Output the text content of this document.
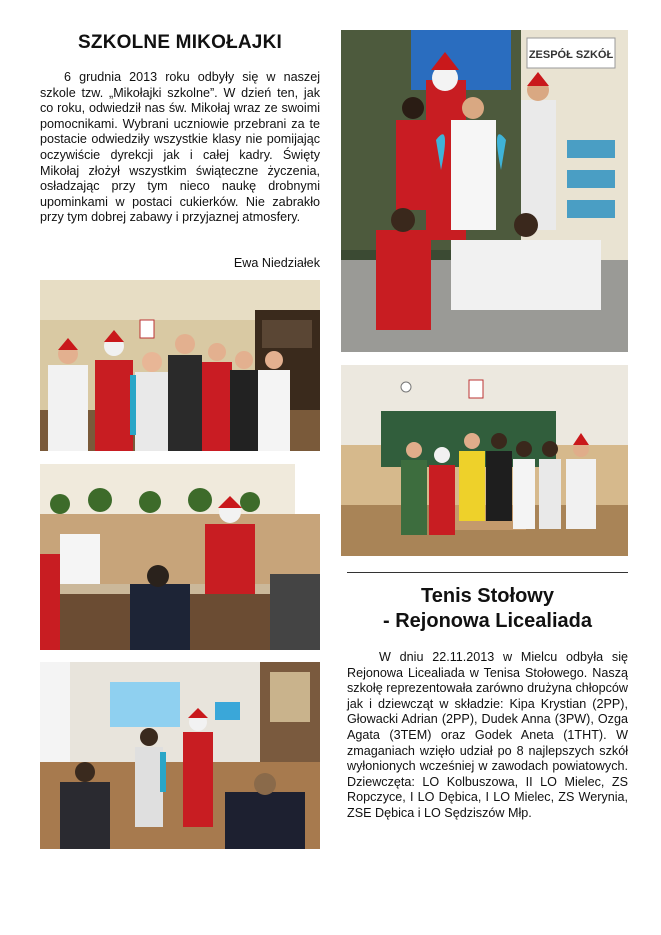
SZKOLNE MIKOŁAJKI
6 grudnia 2013 roku odbyły się w naszej szkole tzw. „Mikołajki szkolne”. W dzień ten, jak co roku, odwiedził nas św. Mikołaj wraz ze swoimi pomocnikami. Wybrani uczniowie przebrani za te postacie odwiedziły wszystkie klasy nie pomijając oczywiście dyrekcji jak i całej kadry. Święty Mikołaj złożył wszystkim świąteczne życzenia, osładzając przy tym nieco naukę drobnymi upominkami w postaci cukierków. Nie zabrakło przy tym dobrej zabawy i przyjaznej atmosfery.
Ewa Niedziałek
ZESPÓŁ SZKÓŁ
Tenis Stołowy
- Rejonowa Licealiada
W dniu 22.11.2013 w Mielcu odbyła się Rejonowa Licealiada w Tenisa Stołowego. Naszą szkołę reprezentowała zarówno drużyna chłopców jak i dziewcząt w składzie: Kipa Krystian (2PP), Głowacki Adrian (2PP), Dudek Anna (3PW), Ozga Agata (3TEM) oraz Godek Aneta (1THT). W zmaganiach wzięło udział po 8 najlepszych szkół wyłonionych wcześniej w zawodach powiatowych. Dziewczęta: LO Kolbuszowa, II LO Mielec, ZS Ropczyce, I LO Dębica, I LO Mielec, ZS Werynia, ZSE Dębica i LO Sędziszów Młp.
